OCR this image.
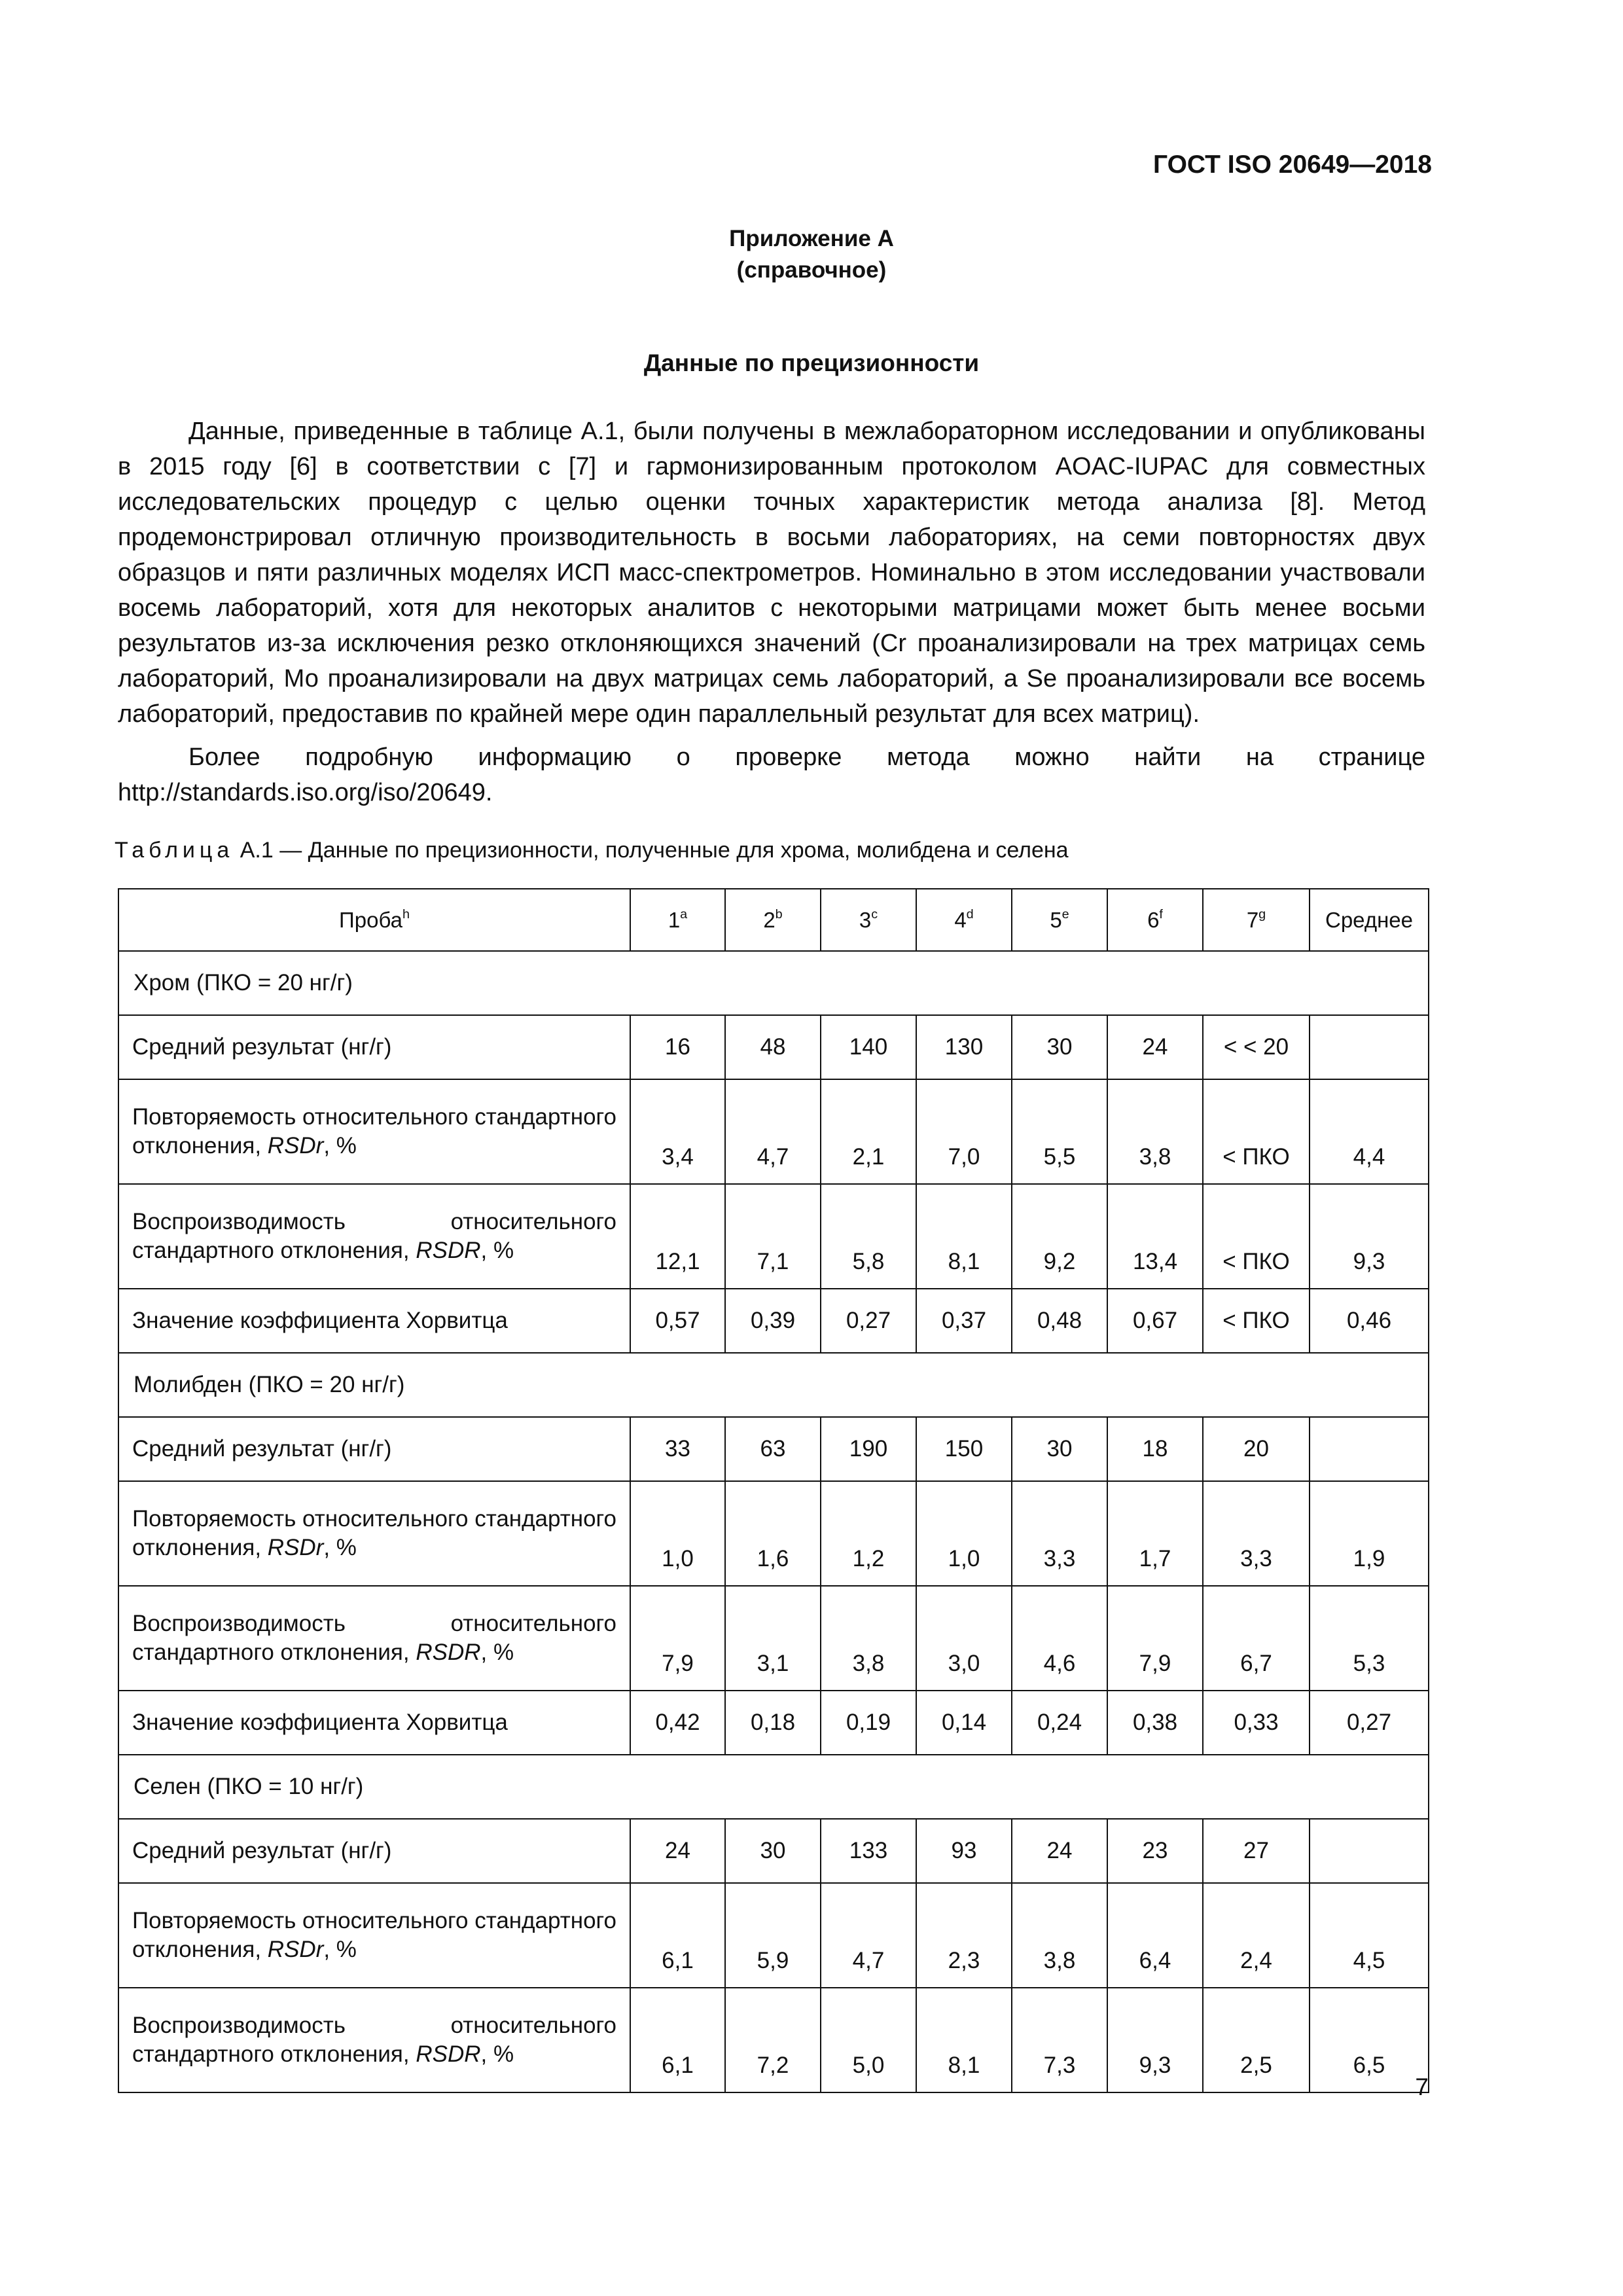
ГОСТ ISO 20649—2018
Приложение А
(справочное)
Данные по прецизионности

Данные, приведенные в таблице А.1, были получены в межлабораторном исследовании и опубликованы в 2015 году [6] в соответствии с [7] и гармонизированным протоколом AOAC-IUPAC для совместных исследовательских процедур с целью оценки точных характеристик метода анализа [8]. Метод продемонстрировал отличную производительность в восьми лабораториях, на семи повторностях двух образцов и пяти различных моделях ИСП масс-спектрометров. Номинально в этом исследовании участвовали восемь лабораторий, хотя для некоторых аналитов с некоторыми матрицами может быть менее восьми результатов из-за исключения резко отклоняющихся значений (Cr проанализировали на трех матрицах семь лабораторий, Мо проанализировали на двух матрицах семь лабораторий, а Se проанализировали все восемь лабораторий, предоставив по крайней мере один параллельный результат для всех матриц).

Более подробную информацию о проверке метода можно найти на странице http://standards.iso.org/iso/20649.

Таблица А.1 — Данные по прецизионности, полученные для хрома, молибдена и селена
Проба$^h$	1$^a$	2$^b$	3$^c$	4$^d$	5e	6$^f$	7$^g$	Среднее
Хром (ПКО = 20 нг/г)								
Средний результат (нг/г)	16	48	140	130	30	24	< < 20	
Повторяемость относительного стандартного отклонения, RSDr, %	3,4	4,7	2,1	7,0	5,5	3,8	< ПКО	4,4
Воспроизводимость относительного стандартного отклонения, RSDR, %	12,1	7,1	5,8	8,1	9,2	13,4	< ПКО	9,3
Значение коэффициента Хорвитца	0,57	0,39	0,27	0,37	0,48	0,67	< ПКО	0,46
Молибден (ПКО = 20 нг/г)								
Средний результат (нг/г)	33	63	190	150	30	18	20	
Повторяемость относительного стандартного отклонения, RSDr, %	1,0	1,6	1,2	1,0	3,3	1,7	3,3	1,9
Воспроизводимость относительного стандартного отклонения, RSDR, %	7,9	3,1	3,8	3,0	4,6	7,9	6,7	5,3
Значение коэффициента Хорвитца	0,42	0,18	0,19	0,14	0,24	0,38	0,33	0,27
Селен (ПКО = 10 нг/г)								
Средний результат (нг/г)	24	30	133	93	24	23	27	
Повторяемость относительного стандартного отклонения, RSDr, %	6,1	5,9	4,7	2,3	3,8	6,4	2,4	4,5
Воспроизводимость относительного стандартного отклонения, RSDR, %	6,1	7,2	5,0	8,1	7,3	9,3	2,5	6,5
7
